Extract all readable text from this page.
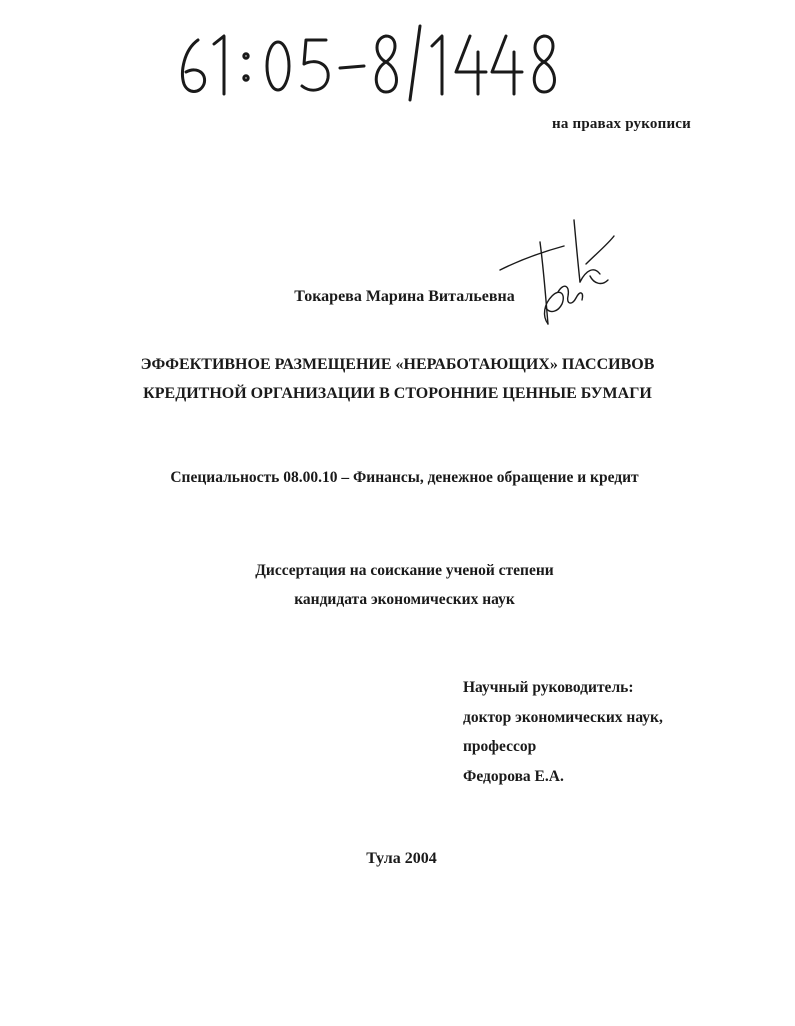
на правах рукописи
Токарева Марина Витальевна
ЭФФЕКТИВНОЕ РАЗМЕЩЕНИЕ «НЕРАБОТАЮЩИХ» ПАССИВОВ
КРЕДИТНОЙ ОРГАНИЗАЦИИ В СТОРОННИЕ ЦЕННЫЕ БУМАГИ
Специальность 08.00.10 – Финансы, денежное обращение и кредит
Диссертация на соискание ученой степени
кандидата экономических наук
Научный руководитель:
доктор экономических наук,
профессор
Федорова Е.А.
Тула 2004
